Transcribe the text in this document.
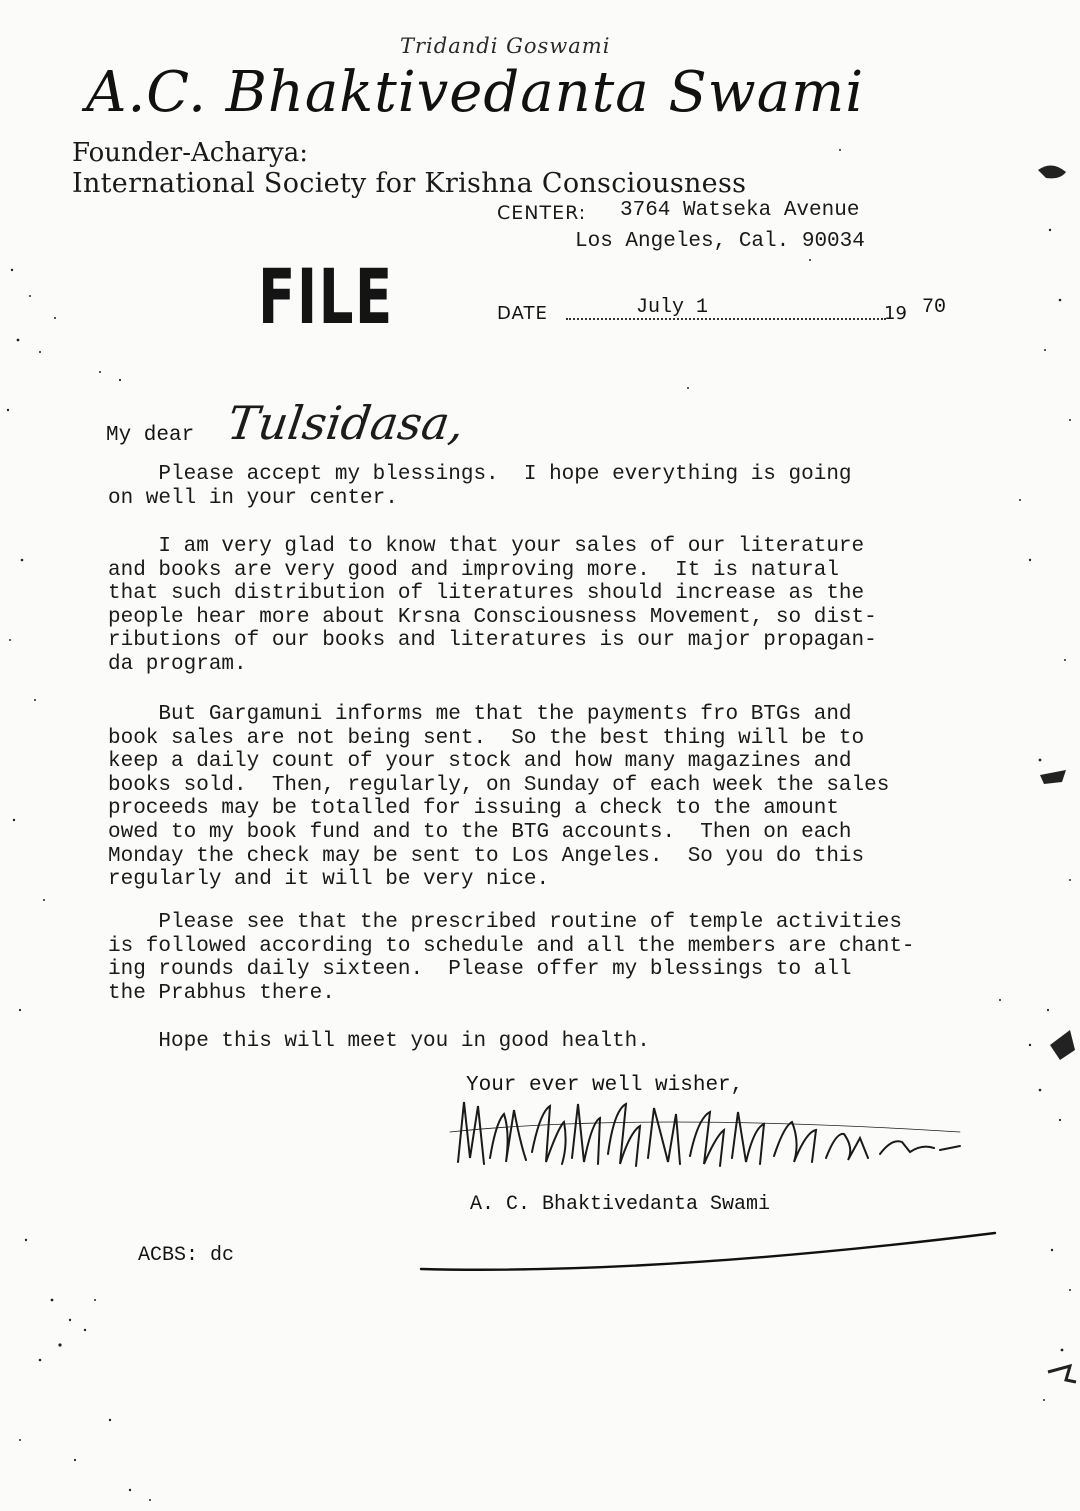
Tridandi Goswami
A.C. Bhaktivedanta Swami
Founder-Acharya:
International Society for Krishna Consciousness
CENTER: 3764 Watseka Avenue
Los Angeles, Cal. 90034
FILE	DATE	July 1	19 70
My dear Tulsidasa,
Please accept my blessings.  I hope everything is going
on well in your center.
I am very glad to know that your sales of our literature
and books are very good and improving more.  It is natural
that such distribution of literatures should increase as the
people hear more about Krsna Consciousness Movement, so dist-
ributions of our books and literatures is our major propagan-
da program.
But Gargamuni informs me that the payments fro BTGs and
book sales are not being sent.  So the best thing will be to
keep a daily count of your stock and how many magazines and
books sold.  Then, regularly, on Sunday of each week the sales
proceeds may be totalled for issuing a check to the amount
owed to my book fund and to the BTG accounts.  Then on each
Monday the check may be sent to Los Angeles.  So you do this
regularly and it will be very nice.
Please see that the prescribed routine of temple activities
is followed according to schedule and all the members are chant-
ing rounds daily sixteen.  Please offer my blessings to all
the Prabhus there.
Hope this will meet you in good health.
Your ever well wisher,
A. C. Bhaktivedanta Swami
ACBS: dc
